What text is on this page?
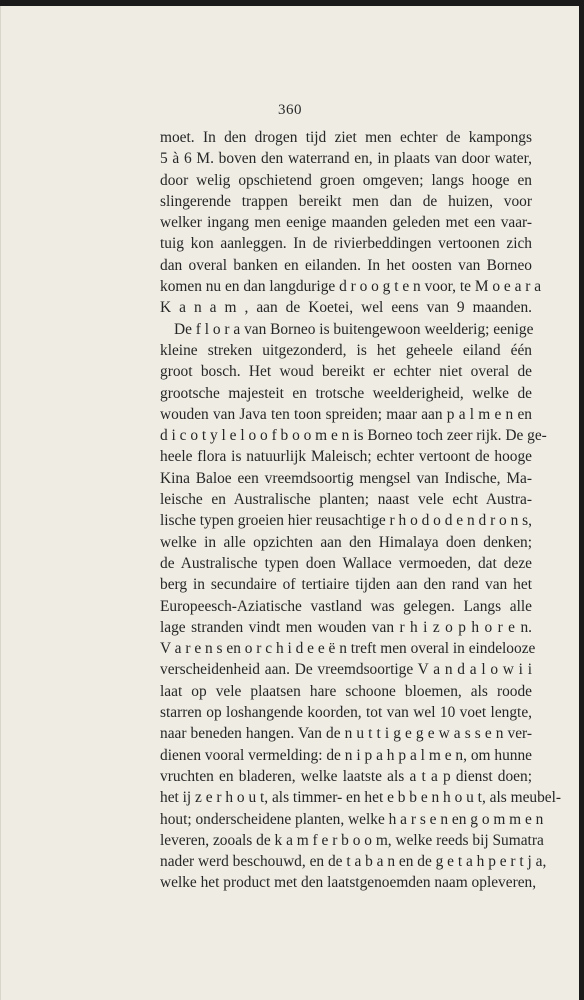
360
moet. In den drogen tijd ziet men echter de kampongs
5 à 6 M. boven den waterrand en, in plaats van door water,
door welig opschietend groen omgeven; langs hooge en
slingerende trappen bereikt men dan de huizen, voor
welker ingang men eenige maanden geleden met een vaar-
tuig kon aanleggen. In de rivierbeddingen vertoonen zich
dan overal banken en eilanden. In het oosten van Borneo
komen nu en dan langdurige d r o o g t e n voor, te M o e a r a
K a n a m , aan de Koetei, wel eens van 9 maanden.
De f l o r a van Borneo is buitengewoon weelderig; eenige
kleine streken uitgezonderd, is het geheele eiland één
groot bosch. Het woud bereikt er echter niet overal de
grootsche majesteit en trotsche weelderigheid, welke de
wouden van Java ten toon spreiden; maar aan p a l m e n en
d i c o t y l e l o o f b o o m e n is Borneo toch zeer rijk. De ge-
heele flora is natuurlijk Maleisch; echter vertoont de hooge
Kina Baloe een vreemdsoortig mengsel van Indische, Ma-
leische en Australische planten; naast vele echt Austra-
lische typen groeien hier reusachtige r h o d o d e n d r o n s,
welke in alle opzichten aan den Himalaya doen denken;
de Australische typen doen Wallace vermoeden, dat deze
berg in secundaire of tertiaire tijden aan den rand van het
Europeesch-Aziatische vastland was gelegen. Langs alle
lage stranden vindt men wouden van r h i z o p h o r e n.
V a r e n s en o r c h i d e e ë n treft men overal in eindelooze
verscheidenheid aan. De vreemdsoortige V a n d a l o w i i
laat op vele plaatsen hare schoone bloemen, als roode
starren op loshangende koorden, tot van wel 10 voet lengte,
naar beneden hangen. Van de n u t t i g e g e w a s s e n ver-
dienen vooral vermelding: de n i p a h p a l m e n, om hunne
vruchten en bladeren, welke laatste als a t a p dienst doen;
het ij z e r h o u t, als timmer- en het e b b e n h o u t, als meubel-
hout; onderscheidene planten, welke h a r s e n en g o m m e n
leveren, zooals de k a m f e r b o o m, welke reeds bij Sumatra
nader werd beschouwd, en de t a b a n en de g e t a h p e r t j a,
welke het product met den laatstgenoemden naam opleveren,
